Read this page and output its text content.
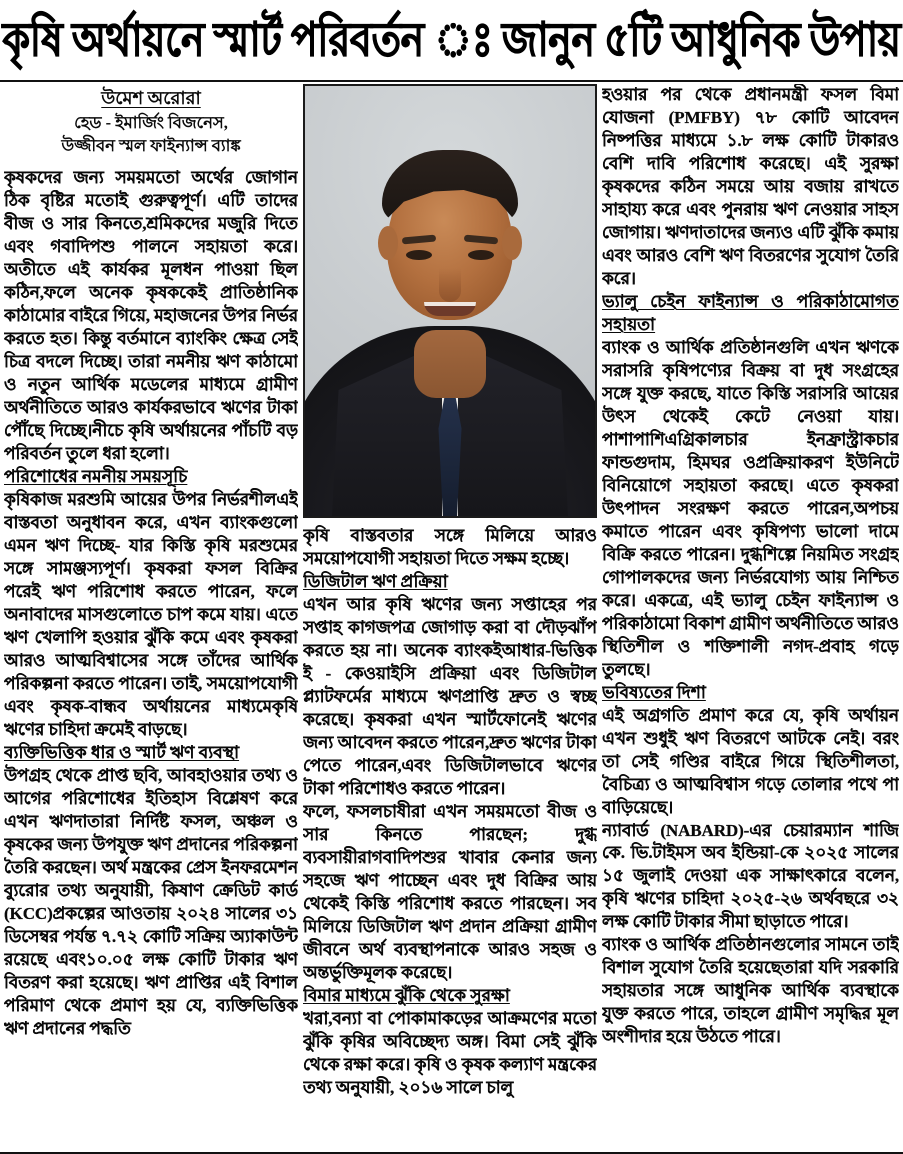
কৃষি অর্থায়নে স্মার্ট পরিবর্তন ঃ জানুন ৫টি আধুনিক উপায়
উমেশ অরোরা
হেড - ইমার্জিং বিজনেস,
উজ্জীবন স্মল ফাইন্যান্স ব্যাঙ্ক

কৃষকদের জন্য সময়মতো অর্থের জোগান ঠিক বৃষ্টির মতোই গুরুত্বপূর্ণ। এটি তাদের বীজ ও সার কিনতে,শ্রমিকদের মজুরি দিতে এবং গবাদিপশু পালনে সহায়তা করে। অতীতে এই কার্যকর মূলধন পাওয়া ছিল কঠিন,ফলে অনেক কৃষককেই প্রাতিষ্ঠানিক কাঠামোর বাইরে গিয়ে, মহাজনের উপর নির্ভর করতে হত। কিন্তু বর্তমানে ব্যাংকিং ক্ষেত্র সেই চিত্র বদলে দিচ্ছে। তারা নমনীয় ঋণ কাঠামো ও নতুন আর্থিক মডেলের মাধ্যমে গ্রামীণ অর্থনীতিতে আরও কার্যকরভাবে ঋণের টাকা পৌঁছে দিচ্ছে।নীচে কৃষি অর্থায়নের পাঁচটি বড় পরিবর্তন তুলে ধরা হলো।

পরিশোধের নমনীয় সময়সূচি

কৃষিকাজ মরশুমি আয়ের উপর নির্ভরশীলএই বাস্তবতা অনুধাবন করে, এখন ব্যাংকগুলো এমন ঋণ দিচ্ছে- যার কিস্তি কৃষি মরশুমের সঙ্গে সামঞ্জস্যপূর্ণ। কৃষকরা ফসল বিক্রির পরেই ঋণ পরিশোধ করতে পারেন, ফলে অনাবাদের মাসগুলোতে চাপ কমে যায়। এতে ঋণ খেলাপি হওয়ার ঝুঁকি কমে এবং কৃষকরা আরও আত্মবিশ্বাসের সঙ্গে তাঁদের আর্থিক পরিকল্পনা করতে পারেন। তাই, সময়োপযোগী এবং কৃষক-বান্ধব অর্থায়নের মাধ্যমেকৃষি ঋণের চাহিদা ক্রমেই বাড়ছে।

ব্যক্তিভিত্তিক ধার ও স্মার্ট ঋণ ব্যবস্থা

উপগ্রহ থেকে প্রাপ্ত ছবি, আবহাওয়ার তথ্য ও আগের পরিশোধের ইতিহাস বিশ্লেষণ করে এখন ঋণদাতারা নির্দিষ্ট ফসল, অঞ্চল ও কৃষকের জন্য উপযুক্ত ঋণ প্রদানের পরিকল্পনা তৈরি করছেন। অর্থ মন্ত্রকের প্রেস ইনফরমেশন ব্যুরোর তথ্য অনুযায়ী, কিষাণ ক্রেডিট কার্ড (KCC)প্রকল্পের আওতায় ২০২৪ সালের ৩১ ডিসেম্বর পর্যন্ত ৭.৭২ কোটি সক্রিয় অ্যাকাউন্ট রয়েছে এবং১০.০৫ লক্ষ কোটি টাকার ঋণ বিতরণ করা হয়েছে। ঋণ প্রাপ্তির এই বিশাল পরিমাণ থেকে প্রমাণ হয় যে, ব্যক্তিভিত্তিক ঋণ প্রদানের পদ্ধতি

কৃষি বাস্তবতার সঙ্গে মিলিয়ে আরও সময়োপযোগী সহায়তা দিতে সক্ষম হচ্ছে।

ডিজিটাল ঋণ প্রক্রিয়া

এখন আর কৃষি ঋণের জন্য সপ্তাহের পর সপ্তাহ কাগজপত্র জোগাড় করা বা দৌড়ঝাঁপ করতে হয় না। অনেক ব্যাংকইআধার-ভিত্তিক ই - কেওয়াইসি প্রক্রিয়া এবং ডিজিটাল প্ল্যাটফর্মের মাধ্যমে ঋণপ্রাপ্তি দ্রুত ও স্বচ্ছ করেছে। কৃষকরা এখন স্মার্টফোনেই ঋণের জন্য আবেদন করতে পারেন,দ্রুত ঋণের টাকা পেতে পারেন,এবং ডিজিটালভাবে ঋণের টাকা পরিশোধও করতে পারেন।

ফলে, ফসলচাষীরা এখন সময়মতো বীজ ও সার কিনতে পারছেন; দুগ্ধ ব্যবসায়ীরাগবাদিপশুর খাবার কেনার জন্য সহজে ঋণ পাচ্ছেন এবং দুধ বিক্রির আয় থেকেই কিস্তি পরিশোধ করতে পারছেন। সব মিলিয়ে ডিজিটাল ঋণ প্রদান প্রক্রিয়া গ্রামীণ জীবনে অর্থ ব্যবস্থাপনাকে আরও সহজ ও অন্তর্ভুক্তিমূলক করেছে।

বিমার মাধ্যমে ঝুঁকি থেকে সুরক্ষা

খরা,বন্যা বা পোকামাকড়ের আক্রমণের মতো ঝুঁকি কৃষির অবিচ্ছেদ্য অঙ্গ। বিমা সেই ঝুঁকি থেকে রক্ষা করে। কৃষি ও কৃষক কল্যাণ মন্ত্রকের তথ্য অনুযায়ী, ২০১৬ সালে চালু

হওয়ার পর থেকে প্রধানমন্ত্রী ফসল বিমা যোজনা (PMFBY) ৭৮ কোটি আবেদন নিষ্পত্তির মাধ্যমে ১.৮ লক্ষ কোটি টাকারও বেশি দাবি পরিশোধ করেছে। এই সুরক্ষা কৃষকদের কঠিন সময়ে আয় বজায় রাখতে সাহায্য করে এবং পুনরায় ঋণ নেওয়ার সাহস জোগায়। ঋণদাতাদের জন্যও এটি ঝুঁকি কমায় এবং আরও বেশি ঋণ বিতরণের সুযোগ তৈরি করে।

ভ্যালু চেইন ফাইন্যান্স ও পরিকাঠামোগত সহায়তা

ব্যাংক ও আর্থিক প্রতিষ্ঠানগুলি এখন ঋণকে সরাসরি কৃষিপণ্যের বিক্রয় বা দুধ সংগ্রহের সঙ্গে যুক্ত করছে, যাতে কিস্তি সরাসরি আয়ের উৎস থেকেই কেটে নেওয়া যায়। পাশাপাশিএগ্রিকালচার ইনফ্রাস্ট্রাকচার ফান্ডগুদাম, হিমঘর ওপ্রক্রিয়াকরণ ইউনিটে বিনিয়োগে সহায়তা করছে। এতে কৃষকরা উৎপাদন সংরক্ষণ করতে পারেন,অপচয় কমাতে পারেন এবং কৃষিপণ্য ভালো দামে বিক্রি করতে পারেন। দুগ্ধশিল্পে নিয়মিত সংগ্রহ গোপালকদের জন্য নির্ভরযোগ্য আয় নিশ্চিত করে। একত্রে, এই ভ্যালু চেইন ফাইন্যান্স ও পরিকাঠামো বিকাশ গ্রামীণ অর্থনীতিতে আরও স্থিতিশীল ও শক্তিশালী নগদ-প্রবাহ গড়ে তুলছে।

ভবিষ্যতের দিশা

এই অগ্রগতি প্রমাণ করে যে, কৃষি অর্থায়ন এখন শুধুই ঋণ বিতরণে আটকে নেই। বরং তা সেই গণ্ডির বাইরে গিয়ে স্থিতিশীলতা, বৈচিত্র্য ও আত্মবিশ্বাস গড়ে তোলার পথে পা বাড়িয়েছে।

ন্যাবার্ড (NABARD)-এর চেয়ারম্যান শাজি কে. ভি.টাইমস অব ইন্ডিয়া-কে ২০২৫ সালের ১৫ জুলাই দেওয়া এক সাক্ষাৎকারে বলেন, কৃষি ঋণের চাহিদা ২০২৫-২৬ অর্থবছরে ৩২ লক্ষ কোটি টাকার সীমা ছাড়াতে পারে।

ব্যাংক ও আর্থিক প্রতিষ্ঠানগুলোর সামনে তাই বিশাল সুযোগ তৈরি হয়েছেতারা যদি সরকারি সহায়তার সঙ্গে আধুনিক আর্থিক ব্যবস্থাকে যুক্ত করতে পারে, তাহলে গ্রামীণ সমৃদ্ধির মূল অংশীদার হয়ে উঠতে পারে।
